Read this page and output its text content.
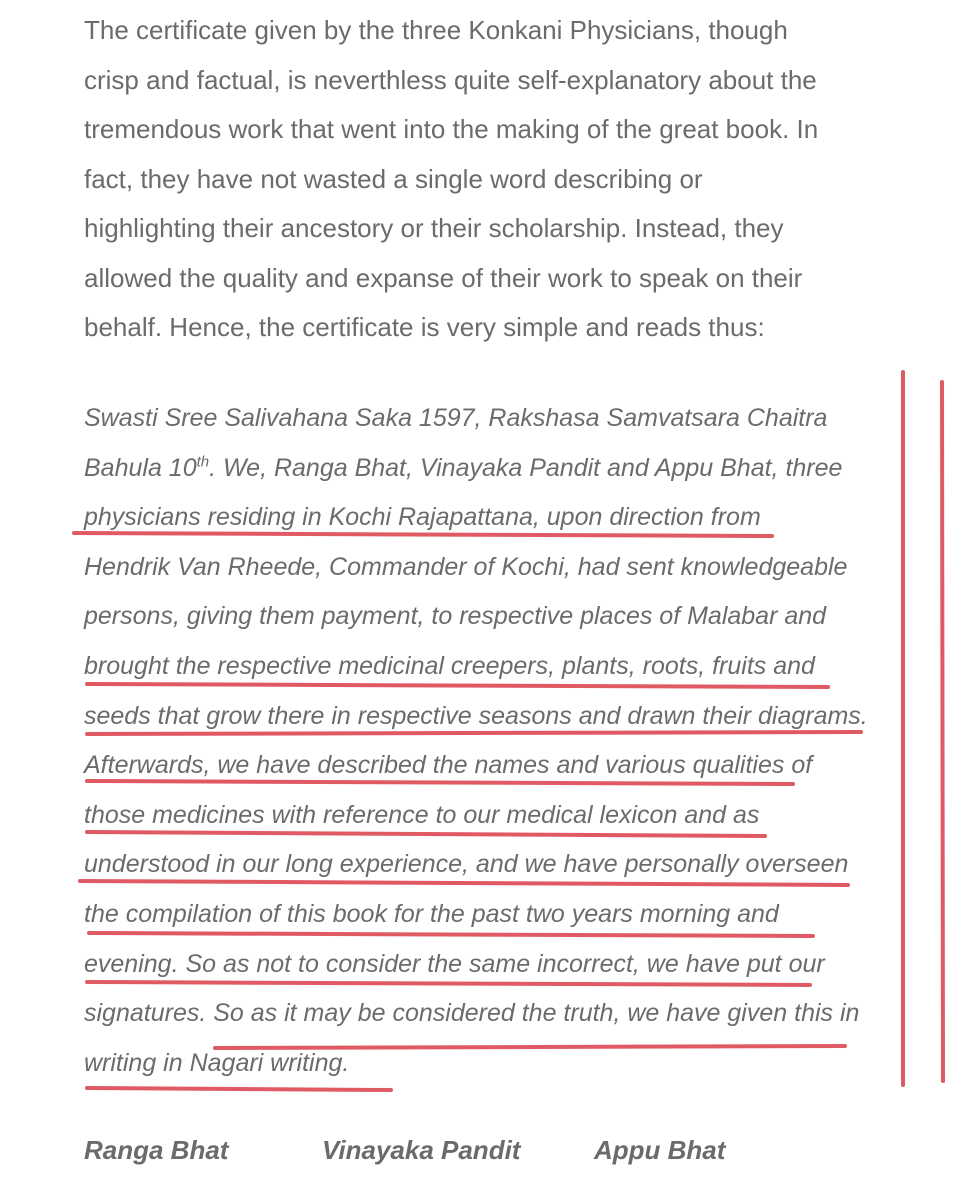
The certificate given by the three Konkani Physicians, though
crisp and factual, is neverthless quite self-explanatory about the
tremendous work that went into the making of the great book. In
fact, they have not wasted a single word describing or
highlighting their ancestory or their scholarship. Instead, they
allowed the quality and expanse of their work to speak on their
behalf. Hence, the certificate is very simple and reads thus:

Swasti Sree Salivahana Saka 1597, Rakshasa Samvatsara Chaitra
Bahula 10th. We, Ranga Bhat, Vinayaka Pandit and Appu Bhat, three
physicians residing in Kochi Rajapattana, upon direction from
Hendrik Van Rheede, Commander of Kochi, had sent knowledgeable
persons, giving them payment, to respective places of Malabar and
brought the respective medicinal creepers, plants, roots, fruits and
seeds that grow there in respective seasons and drawn their diagrams.
Afterwards, we have described the names and various qualities of
those medicines with reference to our medical lexicon and as
understood in our long experience, and we have personally overseen
the compilation of this book for the past two years morning and
evening. So as not to consider the same incorrect, we have put our
signatures. So as it may be considered the truth, we have given this in
writing in Nagari writing.

Ranga Bhat	Vinayaka Pandit	Appu Bhat
